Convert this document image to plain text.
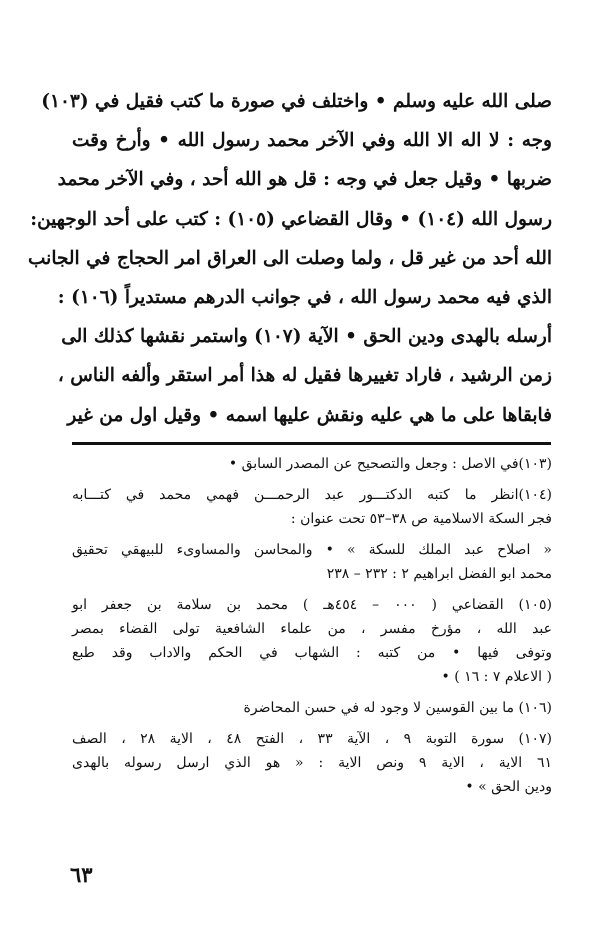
صلى الله عليه وسلم • واختلف في صورة ما كتب فقيل في (١٠٣)
وجه : لا اله الا الله وفي الآخر محمد رسول الله • وأرخ وقت
ضربها • وقيل جعل في وجه : قل هو الله أحد ، وفي الآخر محمد
رسول الله (١٠٤) • وقال القضاعي (١٠٥) : كتب على أحد الوجهين:
الله أحد من غير قل ، ولما وصلت الى العراق امر الحجاج في الجانب
الذي فيه محمد رسول الله ، في جوانب الدرهم مستديراً (١٠٦) :
أرسله بالهدى ودين الحق • الآية (١٠٧) واستمر نقشها كذلك الى
زمن الرشيد ، فاراد تغييرها فقيل له هذا أمر استقر وألفه الناس ،
فابقاها على ما هي عليه ونقش عليها اسمه • وقيل اول من غير
(١٠٣)في الاصل : وجعل والتصحيح عن المصدر السابق •
(١٠٤)انظر ما كتبه الدكتـــور عبد الرحمـــن فهمي محمد في كتـــابه
فجر السكة الاسلامية ص ٣٨–٥٣ تحت عنوان :
« اصلاح عبد الملك للسكة » • والمحاسن والمساوىء للبيهقي تحقيق
محمد ابو الفضل ابراهيم ٢ : ٢٣٢ – ٢٣٨
(١٠٥) القضاعي ( ٠٠٠ – ٤٥٤هـ ) محمد بن سلامة بن جعفر ابو
عبد الله ، مؤرخ مفسر ، من علماء الشافعية تولى القضاء بمصر
وتوفى فيها • من كتبه : الشهاب في الحكم والاداب وقد طبع
( الاعلام ٧ : ١٦ ) •
(١٠٦) ما بين القوسين لا وجود له في حسن المحاضرة
(١٠٧) سورة التوبة ٩ ، الآية ٣٣ ، الفتح ٤٨ ، الاية ٢٨ ، الصف
٦١ الاية ، الاية ٩ ونص الاية : « هو الذي ارسل رسوله بالهدى
ودين الحق » •
٦٣
